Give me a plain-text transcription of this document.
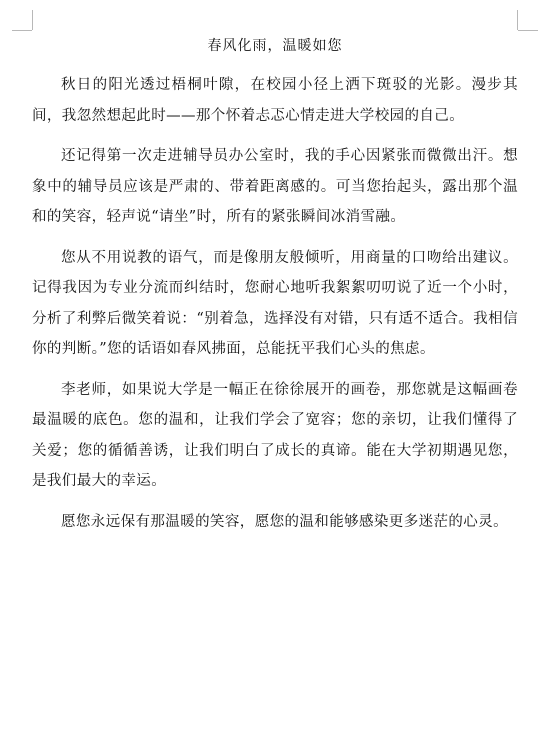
春风化雨，温暖如您

秋日的阳光透过梧桐叶隙，在校园小径上洒下斑驳的光影。漫步其间，我忽然想起此时——那个怀着忐忑心情走进大学校园的自己。

还记得第一次走进辅导员办公室时，我的手心因紧张而微微出汗。想象中的辅导员应该是严肃的、带着距离感的。可当您抬起头，露出那个温和的笑容，轻声说“请坐”时，所有的紧张瞬间冰消雪融。

您从不用说教的语气，而是像朋友般倾听，用商量的口吻给出建议。记得我因为专业分流而纠结时，您耐心地听我絮絮叨叨说了近一个小时，分析了利弊后微笑着说：“别着急，选择没有对错，只有适不适合。我相信你的判断。”您的话语如春风拂面，总能抚平我们心头的焦虑。

李老师，如果说大学是一幅正在徐徐展开的画卷，那您就是这幅画卷最温暖的底色。您的温和，让我们学会了宽容；您的亲切，让我们懂得了关爱；您的循循善诱，让我们明白了成长的真谛。能在大学初期遇见您，是我们最大的幸运。

愿您永远保有那温暖的笑容，愿您的温和能够感染更多迷茫的心灵。
